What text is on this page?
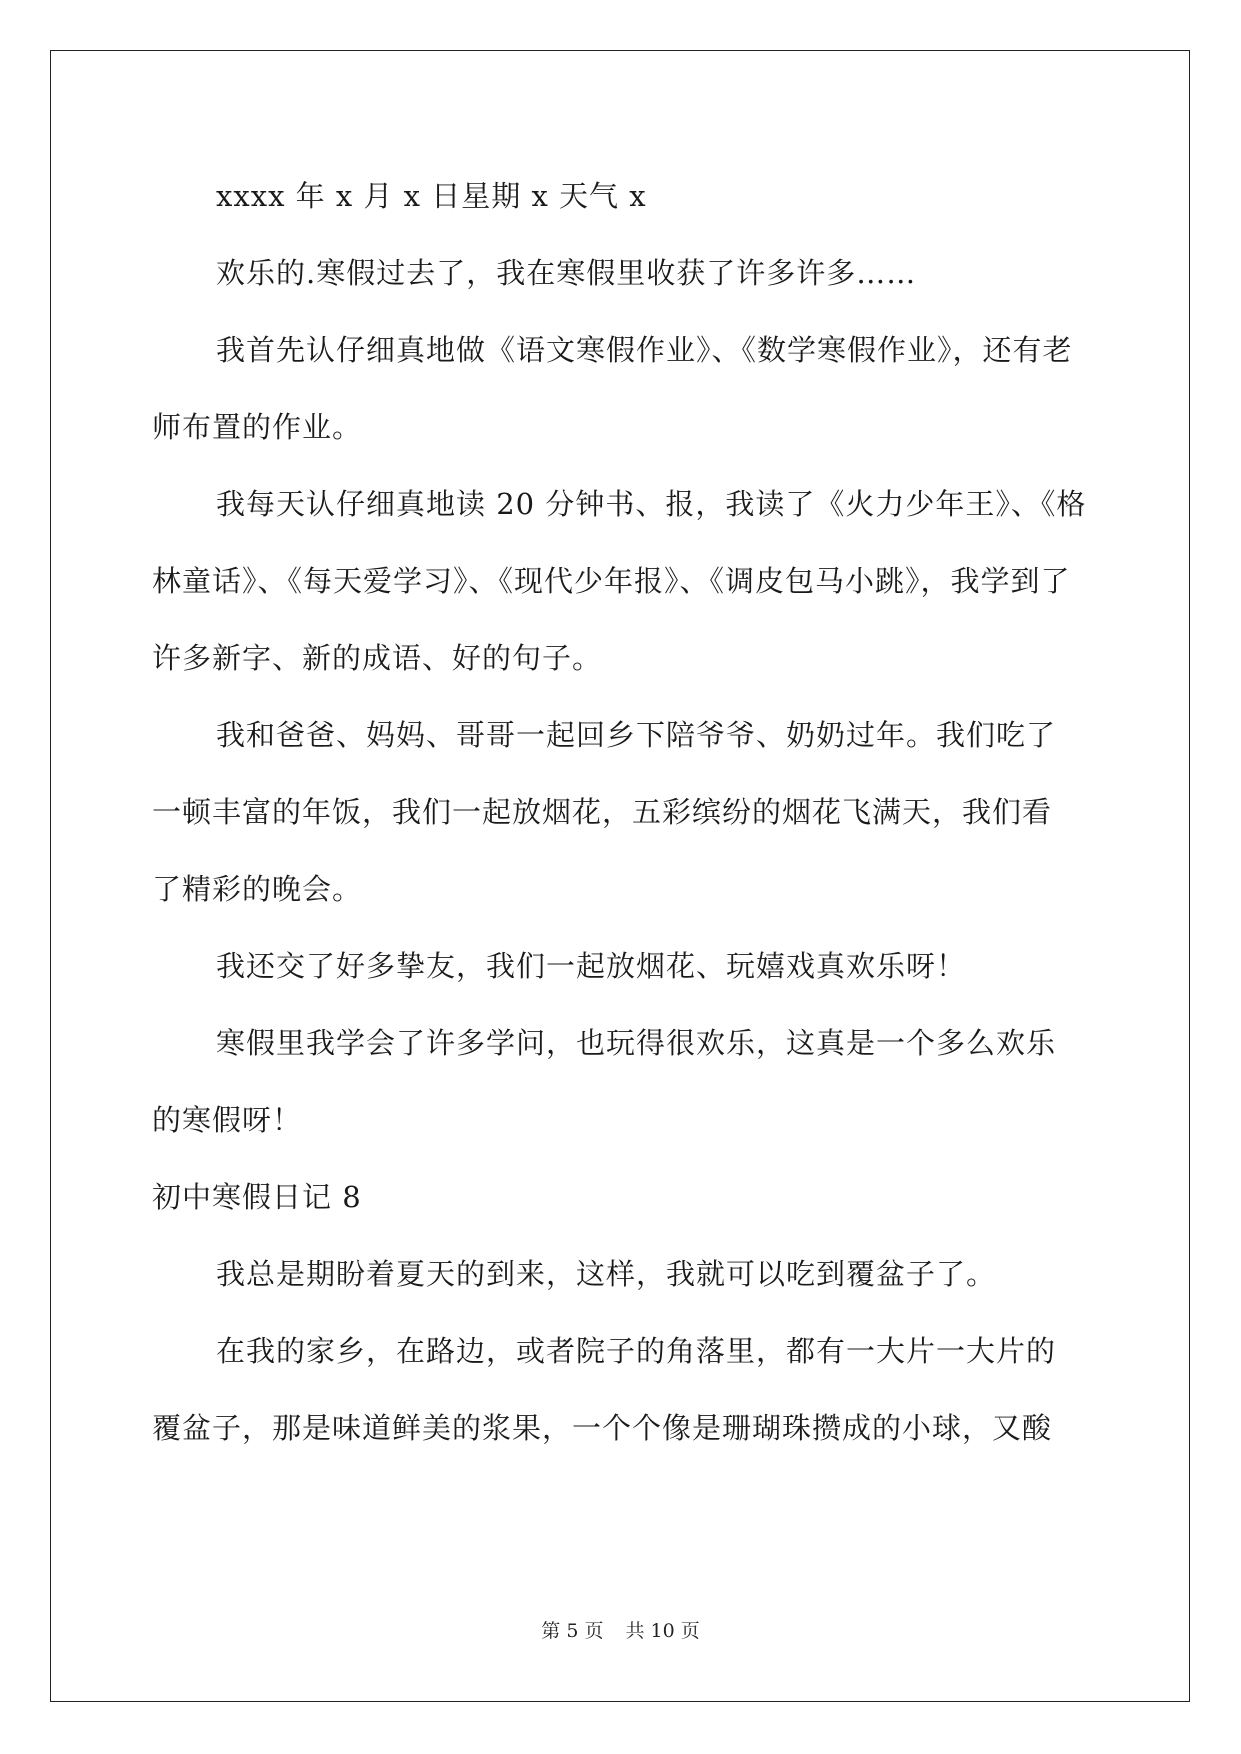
xxxx 年 x 月 x 日星期 x 天气 x

欢乐的.寒假过去了，我在寒假里收获了许多许多……

我首先认仔细真地做《语文寒假作业》、《数学寒假作业》，还有老

师布置的作业。

我每天认仔细真地读 20 分钟书、报，我读了《火力少年王》、《格

林童话》、《每天爱学习》、《现代少年报》、《调皮包马小跳》，我学到了

许多新字、新的成语、好的句子。

我和爸爸、妈妈、哥哥一起回乡下陪爷爷、奶奶过年。我们吃了

一顿丰富的年饭，我们一起放烟花，五彩缤纷的烟花飞满天，我们看

了精彩的晚会。

我还交了好多挚友，我们一起放烟花、玩嬉戏真欢乐呀！

寒假里我学会了许多学问，也玩得很欢乐，这真是一个多么欢乐

的寒假呀！

初中寒假日记 8

我总是期盼着夏天的到来，这样，我就可以吃到覆盆子了。

在我的家乡，在路边，或者院子的角落里，都有一大片一大片的

覆盆子，那是味道鲜美的浆果，一个个像是珊瑚珠攒成的小球，又酸

第 5 页 共 10 页
